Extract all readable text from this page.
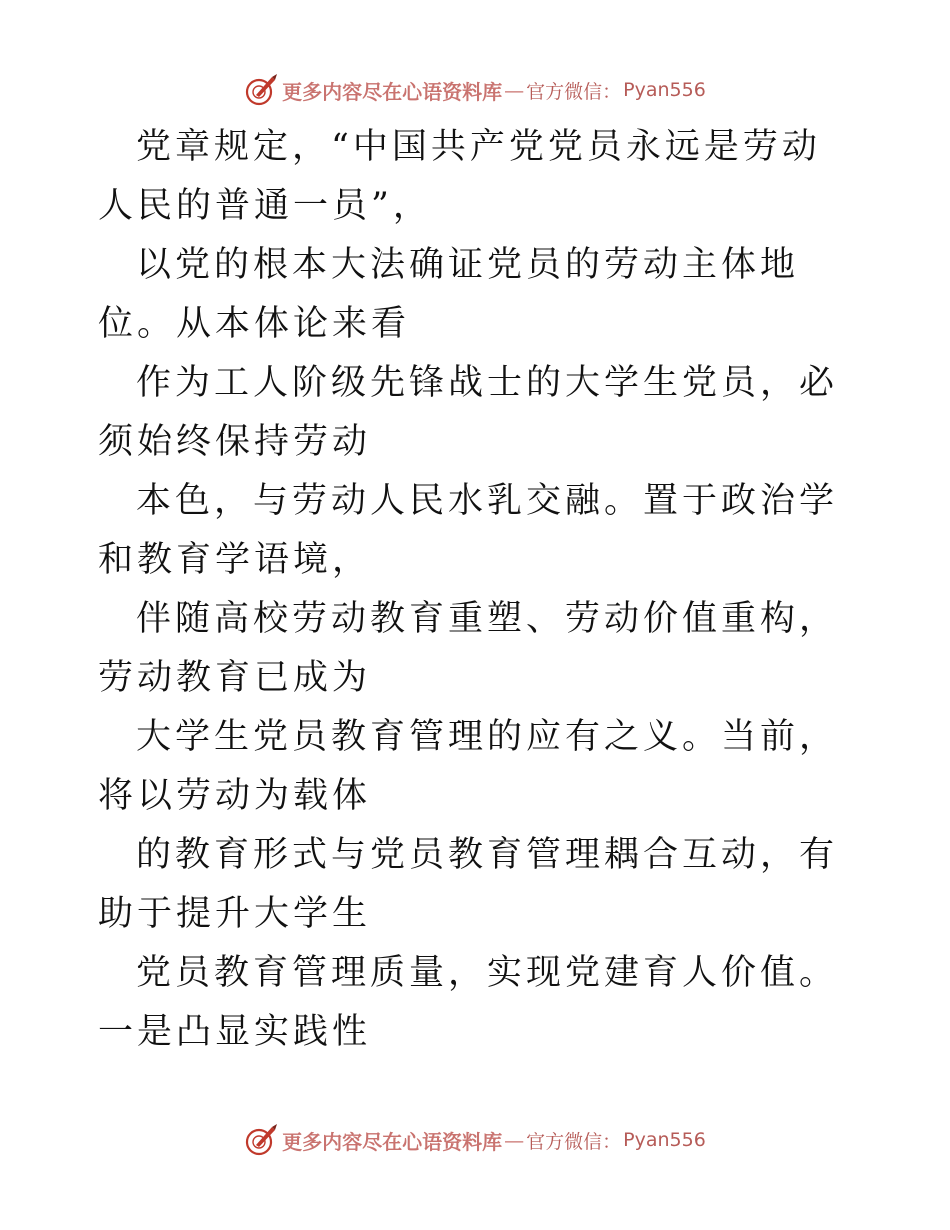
更多内容尽在心语资料库 — 官方微信： Pyan556

党章规定，“中国共产党党员永远是劳动人民的普通一员”，

以党的根本大法确证党员的劳动主体地位。从本体论来看

作为工人阶级先锋战士的大学生党员，必须始终保持劳动

本色，与劳动人民水乳交融。置于政治学和教育学语境，

伴随高校劳动教育重塑、劳动价值重构，劳动教育已成为

大学生党员教育管理的应有之义。当前，将以劳动为载体

的教育形式与党员教育管理耦合互动，有助于提升大学生

党员教育管理质量，实现党建育人价值。一是凸显实践性

更多内容尽在心语资料库 — 官方微信： Pyan556
